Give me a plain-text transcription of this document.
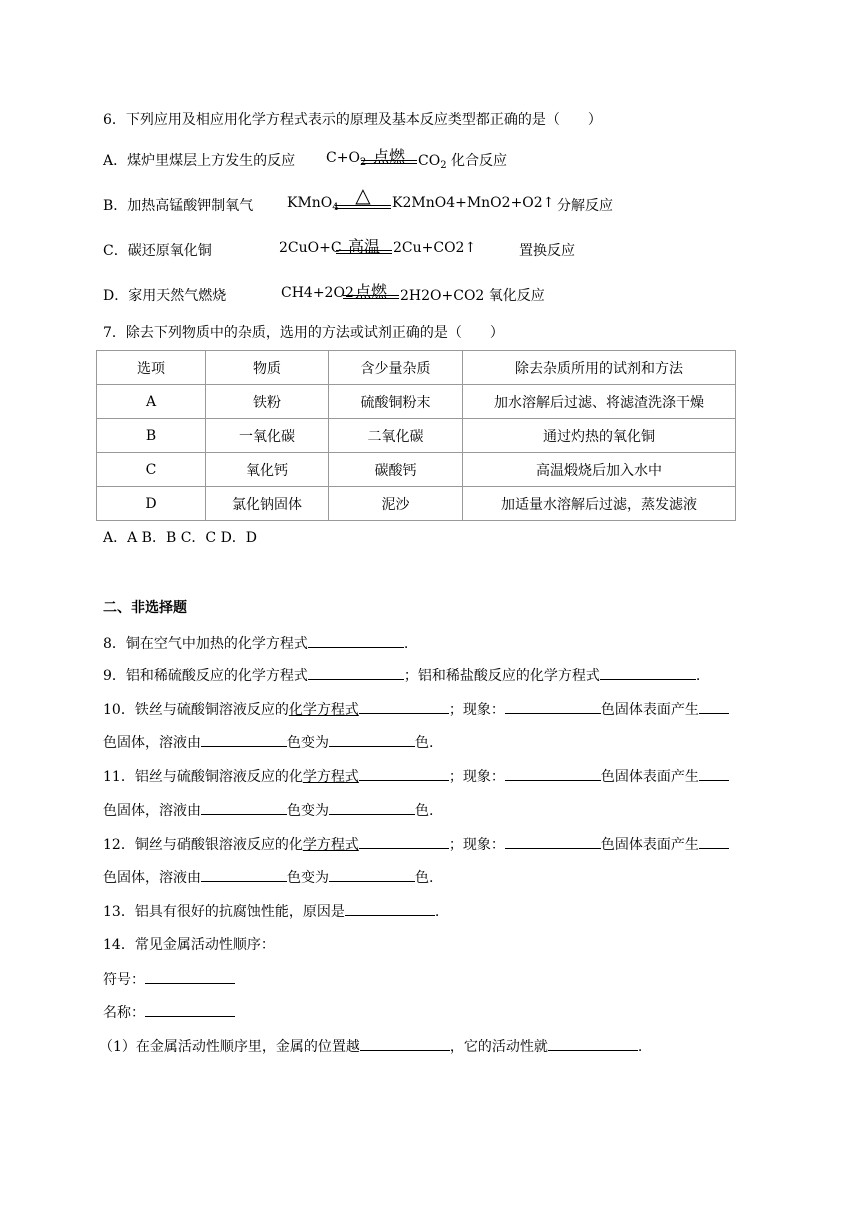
6．下列应用及相应用化学方程式表示的原理及基本反应类型都正确的是（　　）
A．煤炉里煤层上方发生的反应 $C+O_2$ 点燃 $CO_2$ 化合反应
B．加热高锰酸钾制氧气 KMnO$_4$
△	K2MnO4+MnO2+O2↑ 分解反应
C．碳还原氧化铜	2CuO+C 高温 2Cu+CO2↑	置换反应
D．家用天然气燃烧	CH4+2O2 点燃 2H2O+CO2 氧化反应
7．除去下列物质中的杂质，选用的方法或试剂正确的是（　　）
选项	物质	含少量杂质	除去杂质所用的试剂和方法
A	铁粉	硫酸铜粉末	加水溶解后过滤、将滤渣洗涤干燥
B	一氧化碳	二氧化碳	通过灼热的氧化铜
C	氧化钙	碳酸钙	高温煅烧后加入水中
D	氯化钠固体	泥沙	加适量水溶解后过滤，蒸发滤液
A．A B．B C．C D．D
二、非选择题
8．铜在空气中加热的化学方程式	.
9．铝和稀硫酸反应的化学方程式	；铝和稀盐酸反应的化学方程式	.
10．铁丝与硫酸铜溶液反应的化学方程式	；现象：	色固体表面产生
色固体，溶液由	色变为	色.
11．铝丝与硫酸铜溶液反应的化学方程式	；现象：	色固体表面产生
色固体，溶液由	色变为	色.
12．铜丝与硝酸银溶液反应的化学方程式	；现象：	色固体表面产生
色固体，溶液由	色变为	色.
13．铝具有很好的抗腐蚀性能，原因是	.
14．常见金属活动性顺序：
符号：
名称：
（1）在金属活动性顺序里，金属的位置越	，它的活动性就	.
